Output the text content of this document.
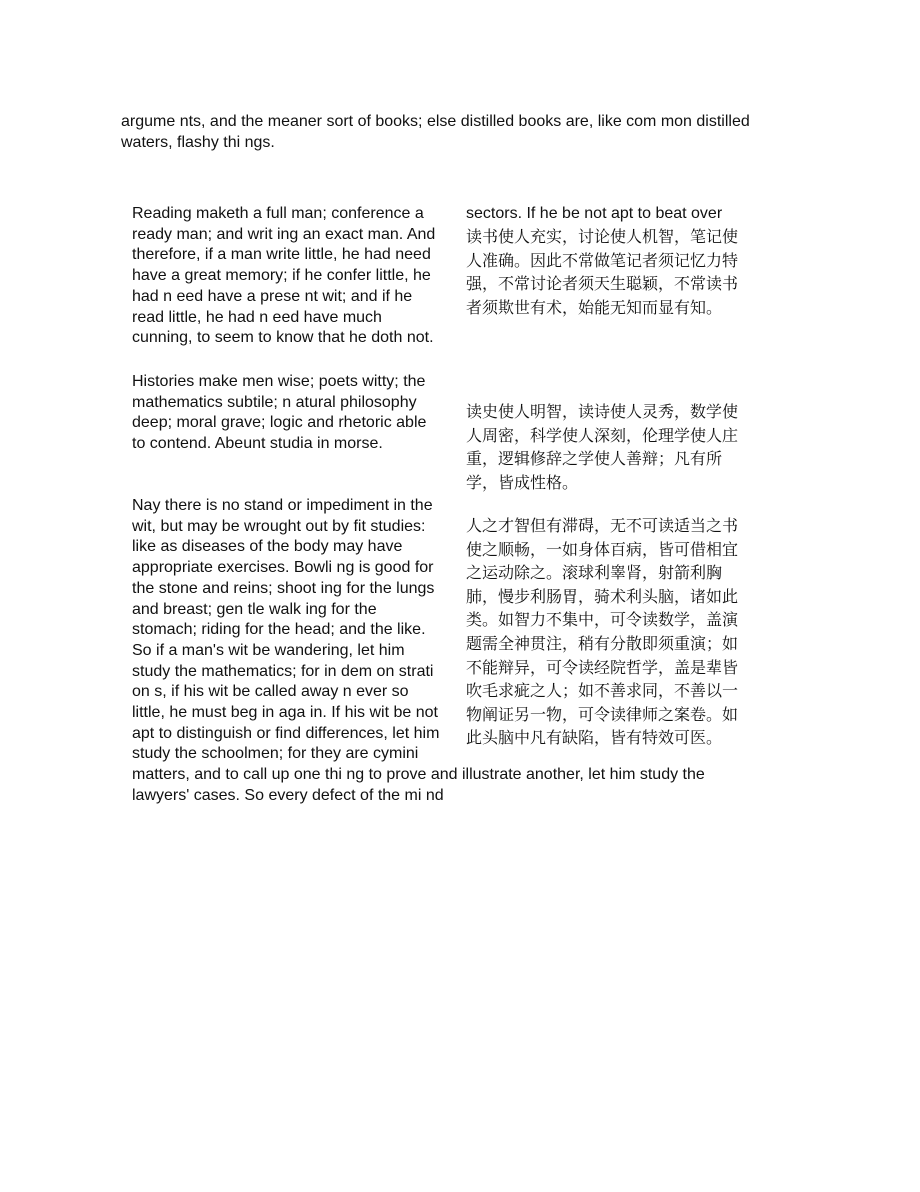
argume nts, and the meaner sort of books; else distilled books are, like com mon distilled
waters, flashy thi ngs.
Reading maketh a full man; conference a
ready man; and writ ing an exact man. And
therefore, if a man write little, he had need
have a great memory; if he confer little, he
had n eed have a prese nt wit; and if he
read little, he had n eed have much
cunning, to seem to know that he doth not.
Histories make men wise; poets witty; the
mathematics subtile; n atural philosophy
deep; moral grave; logic and rhetoric able
to contend. Abeunt studia in morse.
Nay there is no stand or impediment in the
wit, but may be wrought out by fit studies:
like as diseases of the body may have
appropriate exercises. Bowli ng is good for
the stone and reins; shoot ing for the lungs
and breast; gen tle walk ing for the
stomach; riding for the head; and the like.
So if a man's wit be wandering, let him
study the mathematics; for in dem on strati
on s, if his wit be called away n ever so
little, he must beg in aga in. If his wit be not
apt to distinguish or find differences, let him
study the schoolmen; for they are cymini
matters, and to call up one thi ng to prove and illustrate another, let him study the
lawyers' cases. So every defect of the mi nd
sectors. If he be not apt to beat over
读书使人充实，讨论使人机智，笔记使
人准确。因此不常做笔记者须记忆力特
强，不常讨论者须天生聪颖，不常读书
者须欺世有术，始能无知而显有知。
读史使人明智，读诗使人灵秀，数学使
人周密，科学使人深刻，伦理学使人庄
重，逻辑修辞之学使人善辩；凡有所
学，皆成性格。
人之才智但有滞碍，无不可读适当之书
使之顺畅，一如身体百病，皆可借相宜
之运动除之。滚球利睾肾，射箭利胸
肺，慢步利肠胃，骑术利头脑，诸如此
类。如智力不集中，可令读数学，盖演
题需全神贯注，稍有分散即须重演；如
不能辩异，可令读经院哲学，盖是辈皆
吹毛求疵之人；如不善求同，不善以一
物阐证另一物，可令读律师之案卷。如
此头脑中凡有缺陷，皆有特效可医。
